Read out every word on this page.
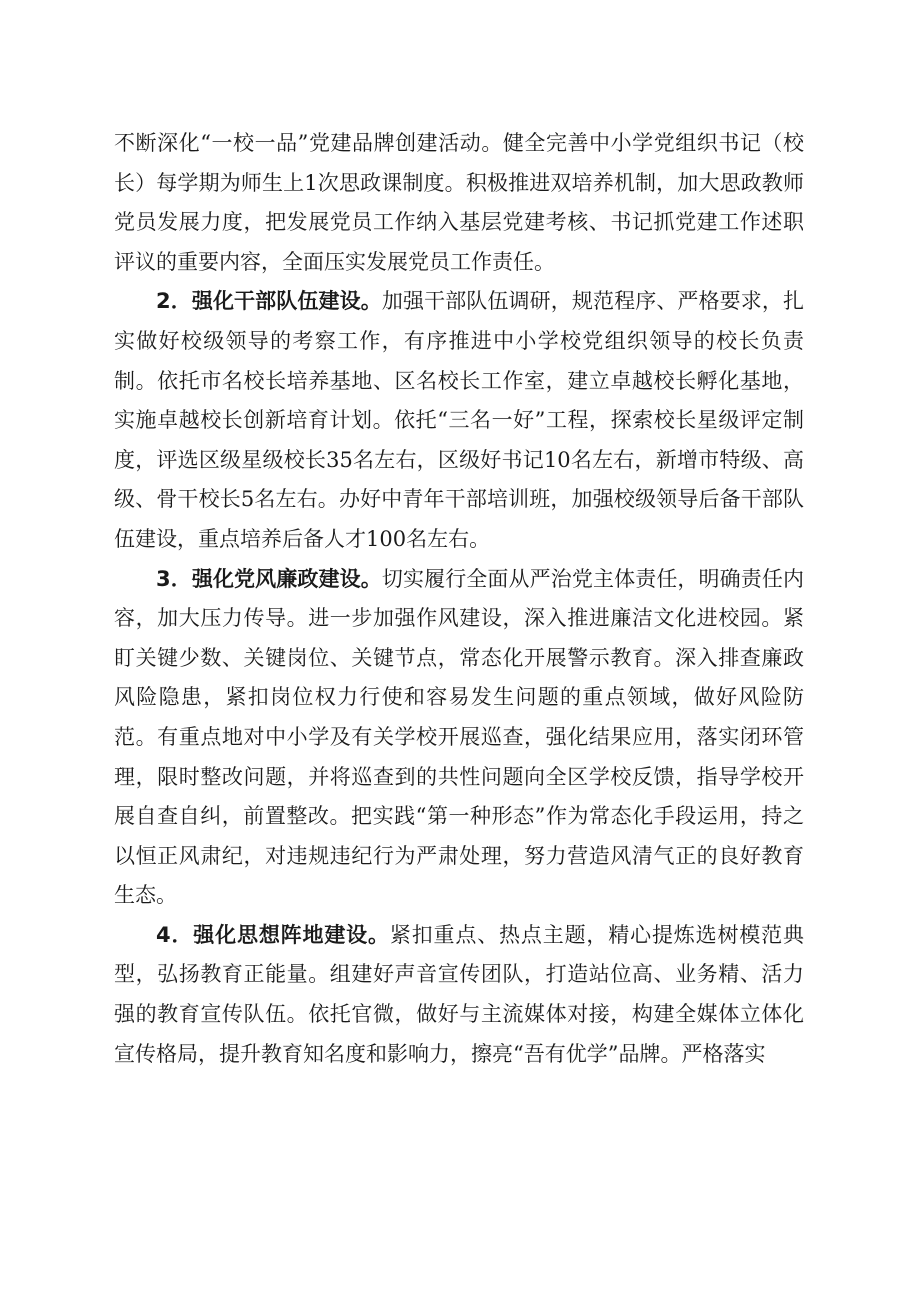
不断深化“一校一品”党建品牌创建活动。健全完善中小学党组织书记（校长）每学期为师生上1次思政课制度。积极推进双培养机制，加大思政教师党员发展力度，把发展党员工作纳入基层党建考核、书记抓党建工作述职评议的重要内容，全面压实发展党员工作责任。

2．强化干部队伍建设。加强干部队伍调研，规范程序、严格要求，扎实做好校级领导的考察工作，有序推进中小学校党组织领导的校长负责制。依托市名校长培养基地、区名校长工作室，建立卓越校长孵化基地，实施卓越校长创新培育计划。依托“三名一好”工程，探索校长星级评定制度，评选区级星级校长35名左右，区级好书记10名左右，新增市特级、高级、骨干校长5名左右。办好中青年干部培训班，加强校级领导后备干部队伍建设，重点培养后备人才100名左右。

3．强化党风廉政建设。切实履行全面从严治党主体责任，明确责任内容，加大压力传导。进一步加强作风建设，深入推进廉洁文化进校园。紧盯关键少数、关键岗位、关键节点，常态化开展警示教育。深入排查廉政风险隐患，紧扣岗位权力行使和容易发生问题的重点领域，做好风险防范。有重点地对中小学及有关学校开展巡查，强化结果应用，落实闭环管理，限时整改问题，并将巡查到的共性问题向全区学校反馈，指导学校开展自查自纠，前置整改。把实践“第一种形态”作为常态化手段运用，持之以恒正风肃纪，对违规违纪行为严肃处理，努力营造风清气正的良好教育生态。

4．强化思想阵地建设。紧扣重点、热点主题，精心提炼选树模范典型，弘扬教育正能量。组建好声音宣传团队，打造站位高、业务精、活力强的教育宣传队伍。依托官微，做好与主流媒体对接，构建全媒体立体化宣传格局，提升教育知名度和影响力，擦亮“吾有优学”品牌。严格落实
